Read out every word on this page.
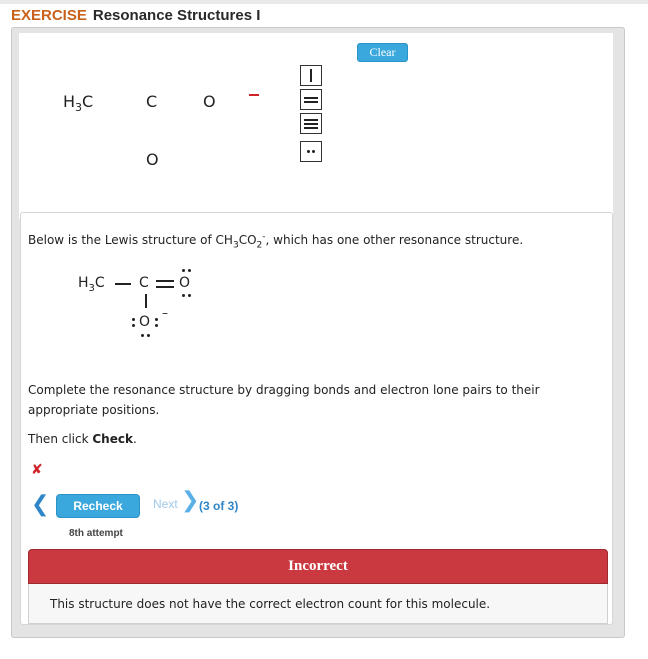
EXERCISE Resonance Structures I
$H_3C$	C	O
O
Clear
Below is the Lewis structure of $CH_3CO_2^-$, which has one other resonance structure.
$H_3C$ C O
O
–
Complete the resonance structure by dragging bonds and electron lone pairs to their
appropriate positions.
Then click Check.
✘
❮	Recheck	Next ❯ (3 of 3)
8th attempt
Incorrect
This structure does not have the correct electron count for this molecule.
